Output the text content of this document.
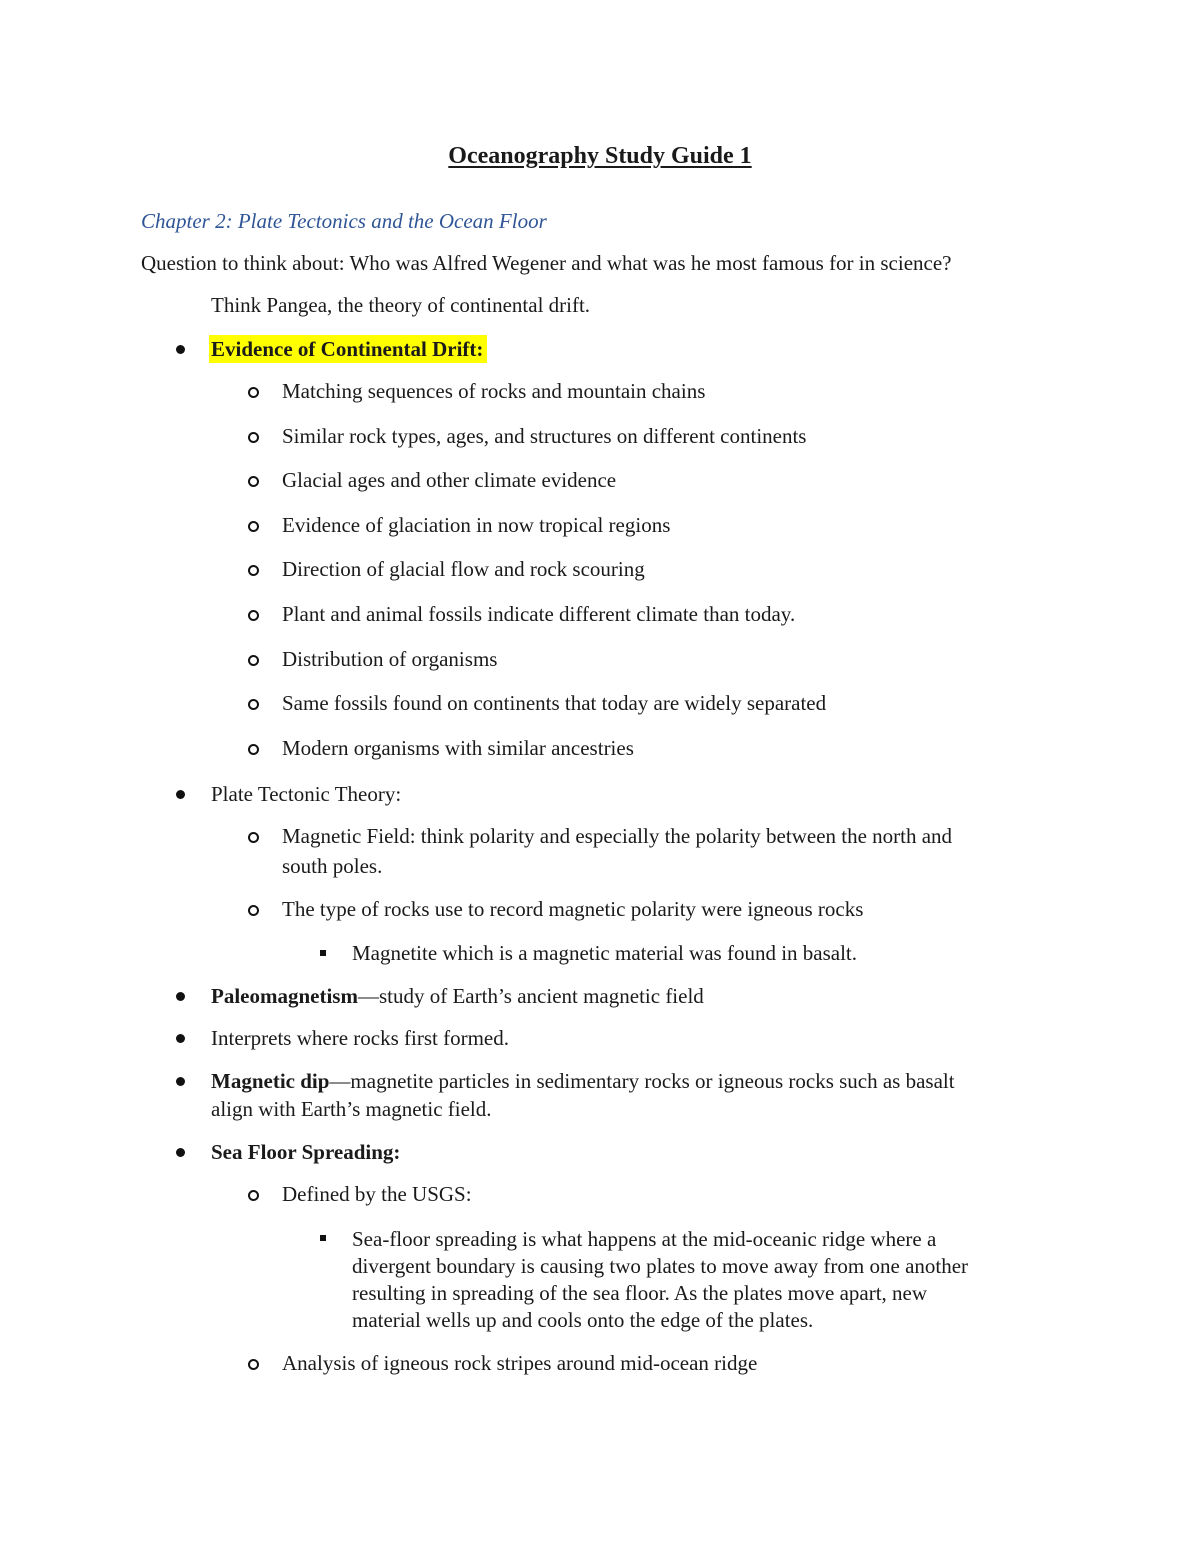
Oceanography Study Guide 1
Chapter 2: Plate Tectonics and the Ocean Floor
Question to think about: Who was Alfred Wegener and what was he most famous for in science?
Think Pangea, the theory of continental drift.
Evidence of Continental Drift:
Matching sequences of rocks and mountain chains
Similar rock types, ages, and structures on different continents
Glacial ages and other climate evidence
Evidence of glaciation in now tropical regions
Direction of glacial flow and rock scouring
Plant and animal fossils indicate different climate than today.
Distribution of organisms
Same fossils found on continents that today are widely separated
Modern organisms with similar ancestries
Plate Tectonic Theory:
Magnetic Field: think polarity and especially the polarity between the north and
south poles.
The type of rocks use to record magnetic polarity were igneous rocks
Magnetite which is a magnetic material was found in basalt.
Paleomagnetism—study of Earth’s ancient magnetic field
Interprets where rocks first formed.
Magnetic dip—magnetite particles in sedimentary rocks or igneous rocks such as basalt
align with Earth’s magnetic field.
Sea Floor Spreading:
Defined by the USGS:
Sea-floor spreading is what happens at the mid-oceanic ridge where a
divergent boundary is causing two plates to move away from one another
resulting in spreading of the sea floor. As the plates move apart, new
material wells up and cools onto the edge of the plates.
Analysis of igneous rock stripes around mid-ocean ridge
